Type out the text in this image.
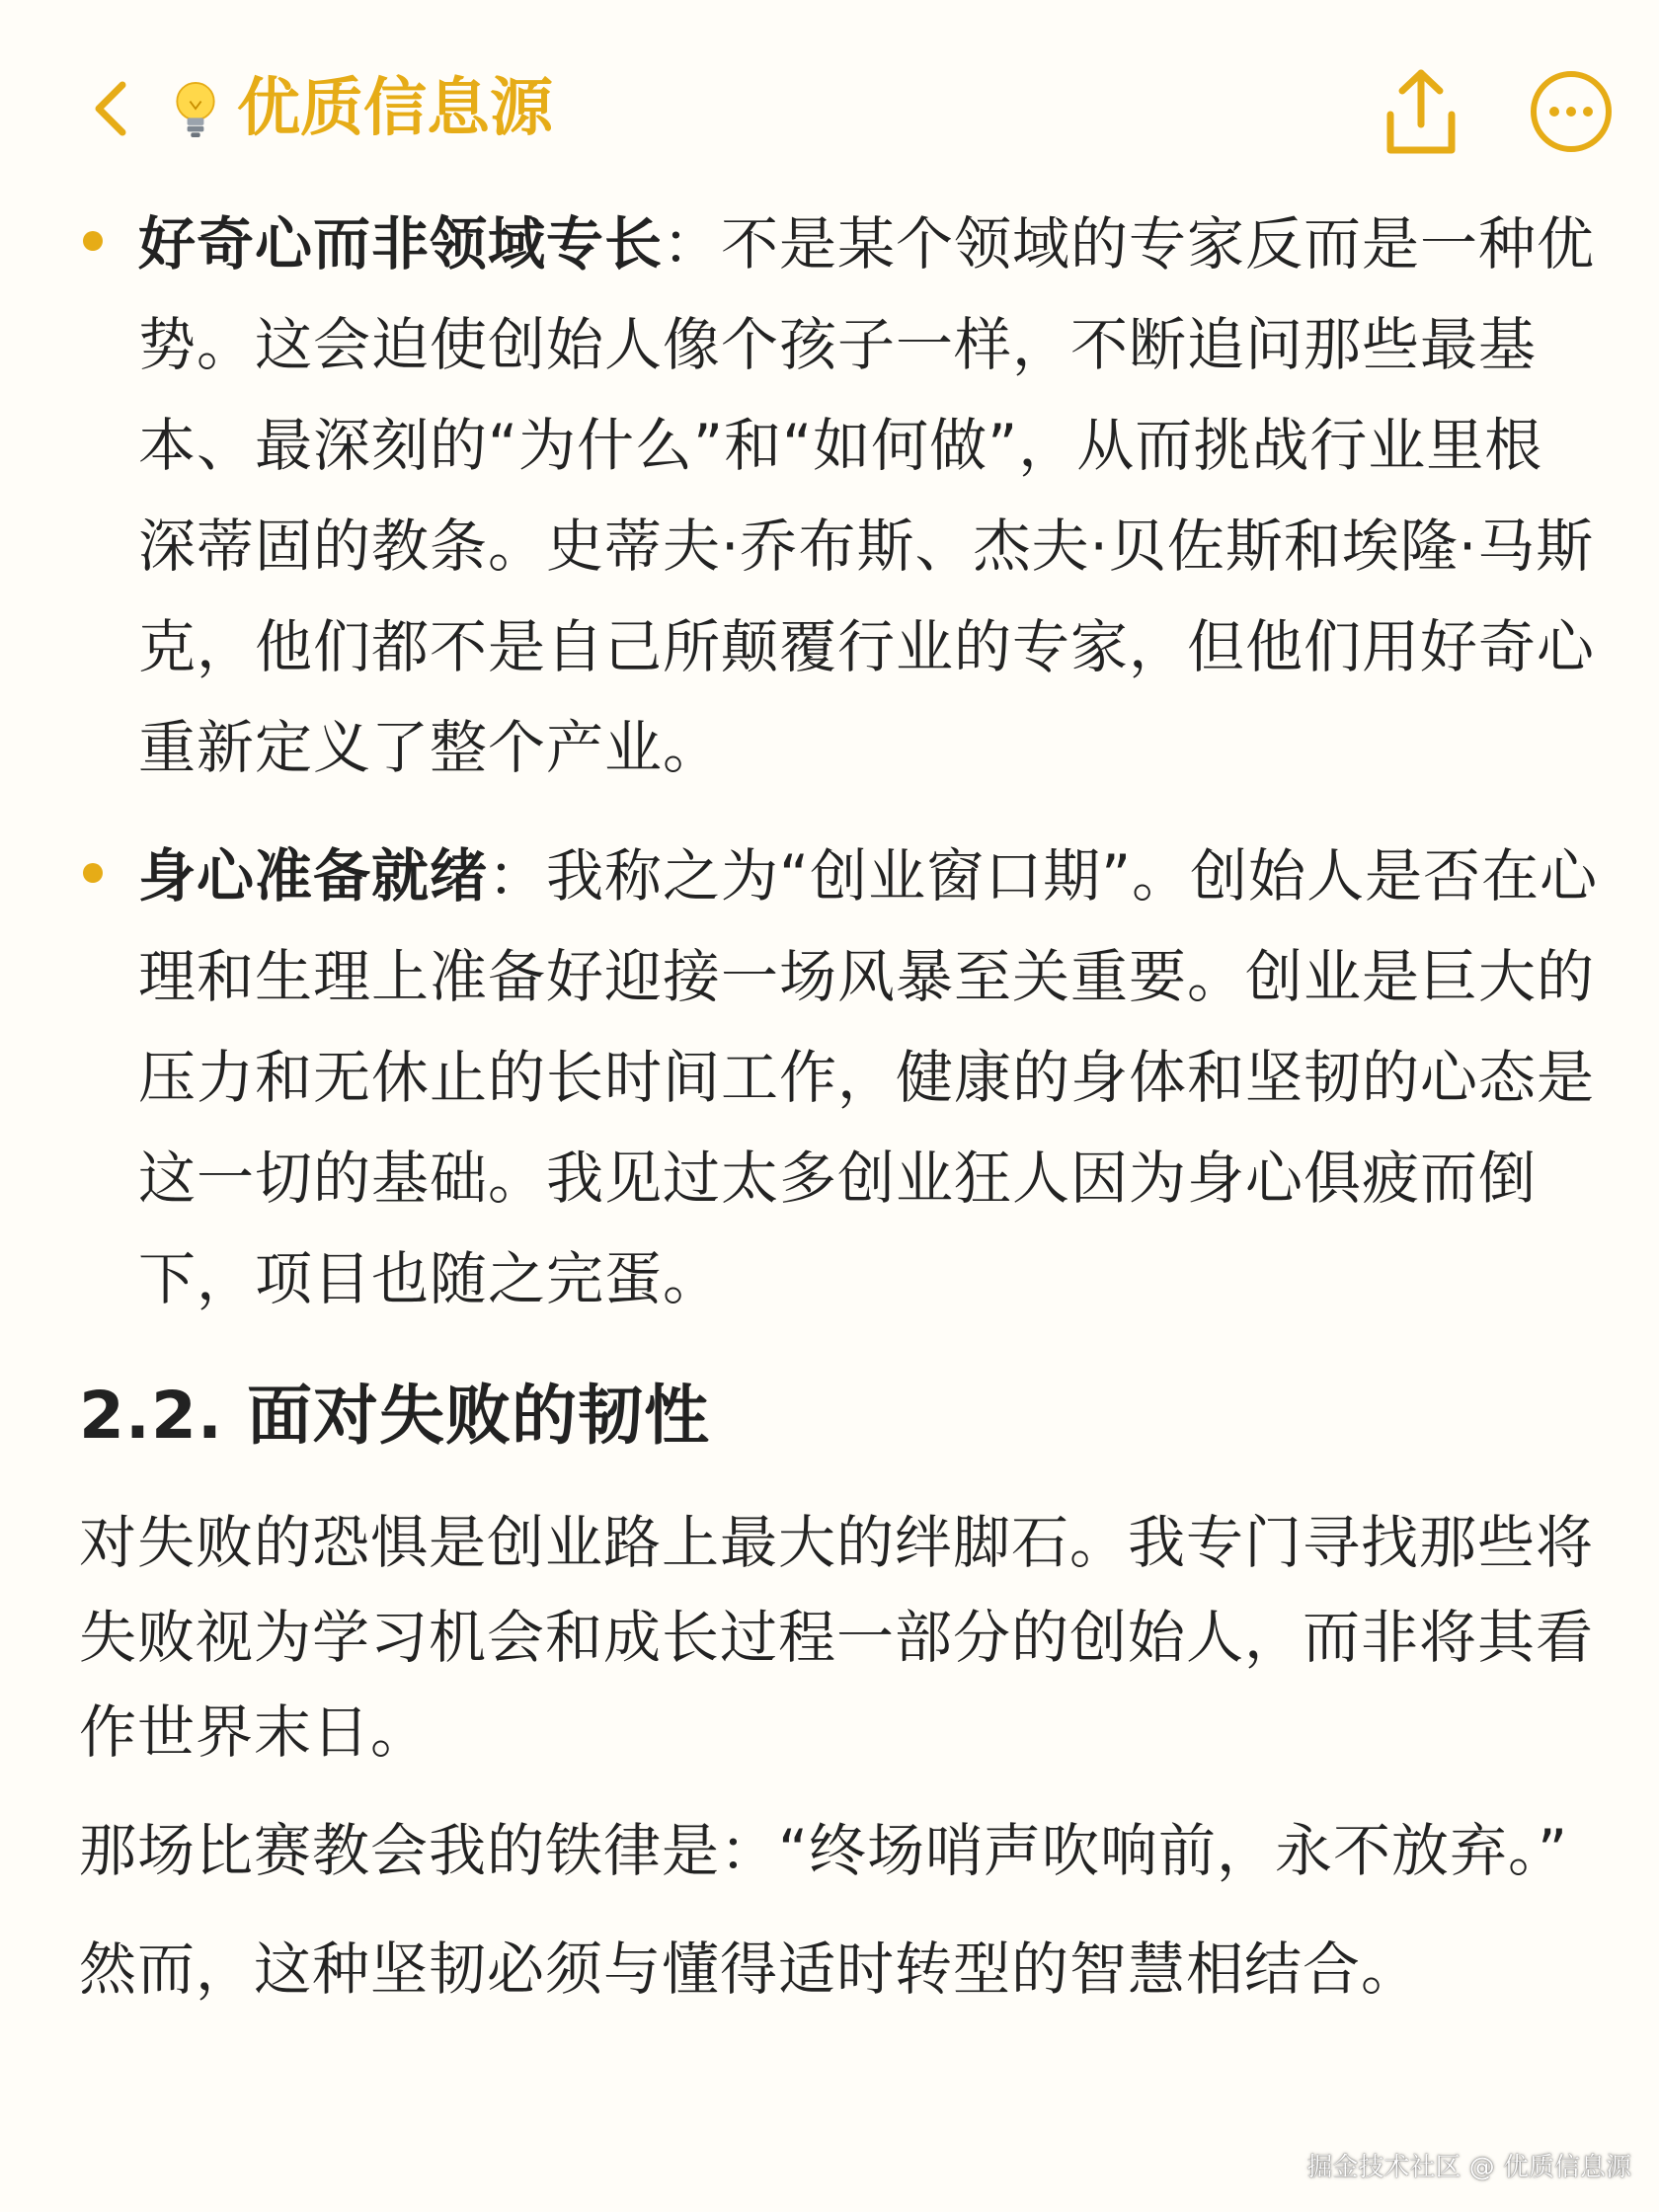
优质信息源
好奇心而非领域专长：不是某个领域的专家反而是一种优势。这会迫使创始人像个孩子一样，不断追问那些最基本、最深刻的“为什么”和“如何做”，从而挑战行业里根深蒂固的教条。史蒂夫·乔布斯、杰夫·贝佐斯和埃隆·马斯克，他们都不是自己所颠覆行业的专家，但他们用好奇心重新定义了整个产业。
身心准备就绪：我称之为“创业窗口期”。创始人是否在心理和生理上准备好迎接一场风暴至关重要。创业是巨大的压力和无休止的长时间工作，健康的身体和坚韧的心态是这一切的基础。我见过太多创业狂人因为身心俱疲而倒下，项目也随之完蛋。
2.2. 面对失败的韧性
对失败的恐惧是创业路上最大的绊脚石。我专门寻找那些将失败视为学习机会和成长过程一部分的创始人，而非将其看作世界末日。
那场比赛教会我的铁律是：“终场哨声吹响前，永不放弃。”
然而，这种坚韧必须与懂得适时转型的智慧相结合。
掘金技术社区 @ 优质信息源
